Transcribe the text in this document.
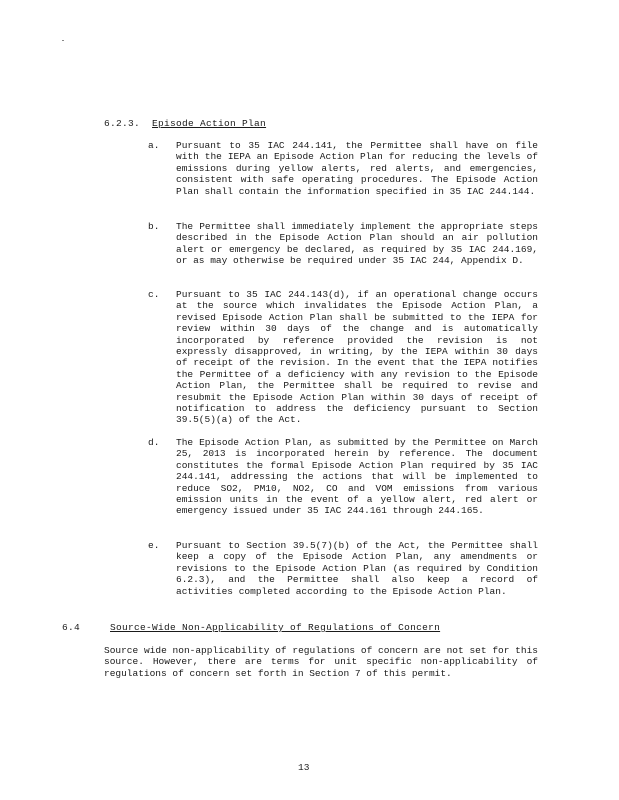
6.2.3. Episode Action Plan
a. Pursuant to 35 IAC 244.141, the Permittee shall have on file with the IEPA an Episode Action Plan for reducing the levels of emissions during yellow alerts, red alerts, and emergencies, consistent with safe operating procedures. The Episode Action Plan shall contain the information specified in 35 IAC 244.144.
b. The Permittee shall immediately implement the appropriate steps described in the Episode Action Plan should an air pollution alert or emergency be declared, as required by 35 IAC 244.169, or as may otherwise be required under 35 IAC 244, Appendix D.
c. Pursuant to 35 IAC 244.143(d), if an operational change occurs at the source which invalidates the Episode Action Plan, a revised Episode Action Plan shall be submitted to the IEPA for review within 30 days of the change and is automatically incorporated by reference provided the revision is not expressly disapproved, in writing, by the IEPA within 30 days of receipt of the revision. In the event that the IEPA notifies the Permittee of a deficiency with any revision to the Episode Action Plan, the Permittee shall be required to revise and resubmit the Episode Action Plan within 30 days of receipt of notification to address the deficiency pursuant to Section 39.5(5)(a) of the Act.
d. The Episode Action Plan, as submitted by the Permittee on March 25, 2013 is incorporated herein by reference. The document constitutes the formal Episode Action Plan required by 35 IAC 244.141, addressing the actions that will be implemented to reduce SO2, PM10, NO2, CO and VOM emissions from various emission units in the event of a yellow alert, red alert or emergency issued under 35 IAC 244.161 through 244.165.
e. Pursuant to Section 39.5(7)(b) of the Act, the Permittee shall keep a copy of the Episode Action Plan, any amendments or revisions to the Episode Action Plan (as required by Condition 6.2.3), and the Permittee shall also keep a record of activities completed according to the Episode Action Plan.
6.4	Source-Wide Non-Applicability of Regulations of Concern
Source wide non-applicability of regulations of concern are not set for this source. However, there are terms for unit specific non-applicability of regulations of concern set forth in Section 7 of this permit.
13
